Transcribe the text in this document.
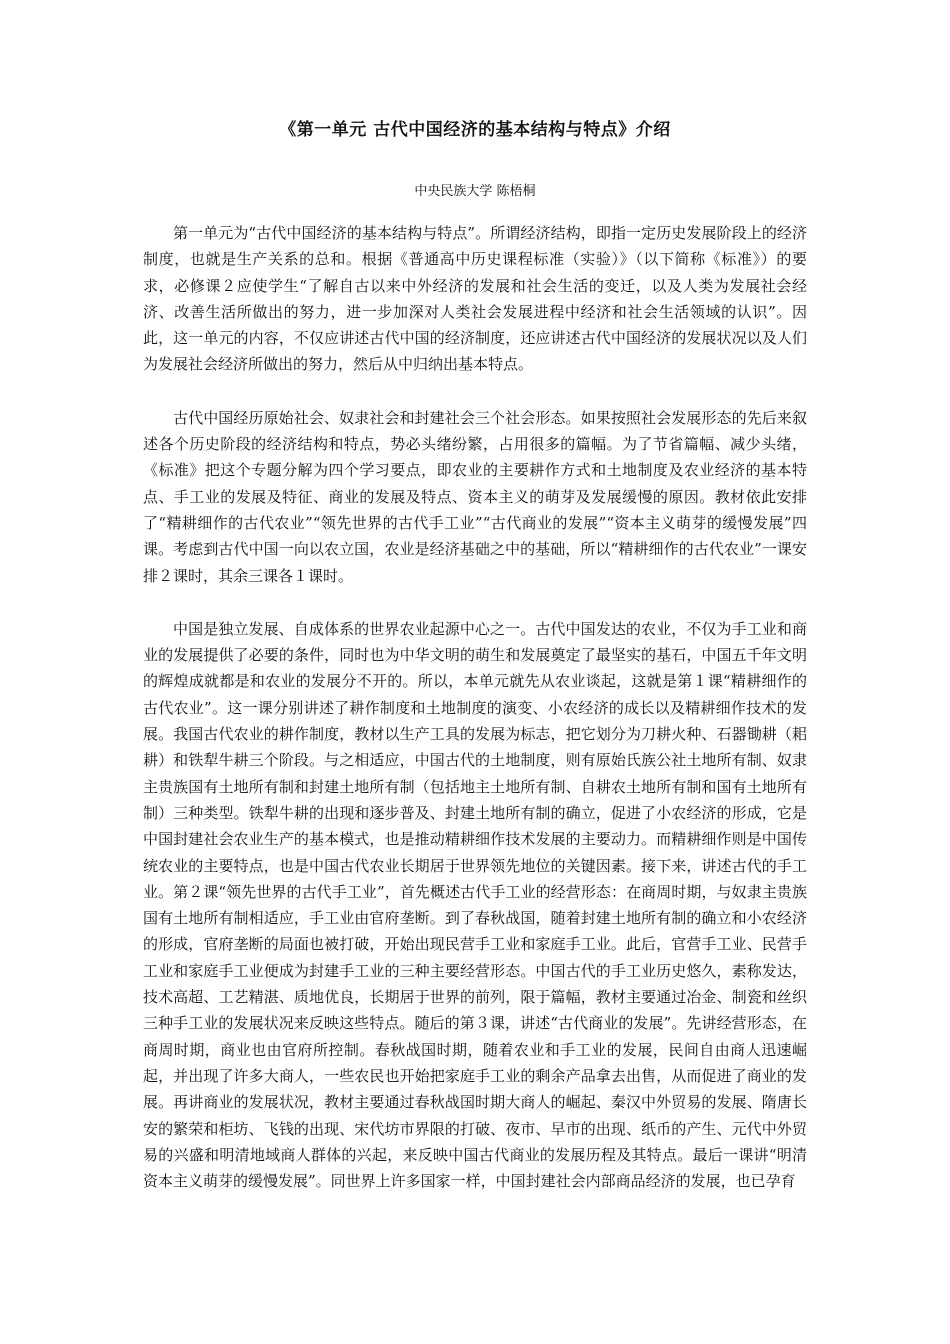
《第一单元 古代中国经济的基本结构与特点》介绍
中央民族大学 陈梧桐

第一单元为“古代中国经济的基本结构与特点”。所谓经济结构，即指一定历史发展阶段上的经济制度，也就是生产关系的总和。根据《普通高中历史课程标准（实验）》（以下简称《标准》）的要求，必修课２应使学生“了解自古以来中外经济的发展和社会生活的变迁，以及人类为发展社会经济、改善生活所做出的努力，进一步加深对人类社会发展进程中经济和社会生活领域的认识”。因此，这一单元的内容，不仅应讲述古代中国的经济制度，还应讲述古代中国经济的发展状况以及人们为发展社会经济所做出的努力，然后从中归纳出基本特点。

古代中国经历原始社会、奴隶社会和封建社会三个社会形态。如果按照社会发展形态的先后来叙述各个历史阶段的经济结构和特点，势必头绪纷繁，占用很多的篇幅。为了节省篇幅、减少头绪，《标准》把这个专题分解为四个学习要点，即农业的主要耕作方式和土地制度及农业经济的基本特点、手工业的发展及特征、商业的发展及特点、资本主义的萌芽及发展缓慢的原因。教材依此安排了“精耕细作的古代农业”“领先世界的古代手工业”“古代商业的发展”“资本主义萌芽的缓慢发展”四课。考虑到古代中国一向以农立国，农业是经济基础之中的基础，所以“精耕细作的古代农业”一课安排２课时，其余三课各１课时。

中国是独立发展、自成体系的世界农业起源中心之一。古代中国发达的农业，不仅为手工业和商业的发展提供了必要的条件，同时也为中华文明的萌生和发展奠定了最坚实的基石，中国五千年文明的辉煌成就都是和农业的发展分不开的。所以，本单元就先从农业谈起，这就是第１课“精耕细作的古代农业”。这一课分别讲述了耕作制度和土地制度的演变、小农经济的成长以及精耕细作技术的发展。我国古代农业的耕作制度，教材以生产工具的发展为标志，把它划分为刀耕火种、石器锄耕（耜耕）和铁犁牛耕三个阶段。与之相适应，中国古代的土地制度，则有原始氏族公社土地所有制、奴隶主贵族国有土地所有制和封建土地所有制（包括地主土地所有制、自耕农土地所有制和国有土地所有制）三种类型。铁犁牛耕的出现和逐步普及、封建土地所有制的确立，促进了小农经济的形成，它是中国封建社会农业生产的基本模式，也是推动精耕细作技术发展的主要动力。而精耕细作则是中国传统农业的主要特点，也是中国古代农业长期居于世界领先地位的关键因素。接下来，讲述古代的手工业。第２课“领先世界的古代手工业”，首先概述古代手工业的经营形态：在商周时期，与奴隶主贵族国有土地所有制相适应，手工业由官府垄断。到了春秋战国，随着封建土地所有制的确立和小农经济的形成，官府垄断的局面也被打破，开始出现民营手工业和家庭手工业。此后，官营手工业、民营手工业和家庭手工业便成为封建手工业的三种主要经营形态。中国古代的手工业历史悠久，素称发达，技术高超、工艺精湛、质地优良，长期居于世界的前列，限于篇幅，教材主要通过冶金、制瓷和丝织三种手工业的发展状况来反映这些特点。随后的第３课，讲述“古代商业的发展”。先讲经营形态，在商周时期，商业也由官府所控制。春秋战国时期，随着农业和手工业的发展，民间自由商人迅速崛起，并出现了许多大商人，一些农民也开始把家庭手工业的剩余产品拿去出售，从而促进了商业的发展。再讲商业的发展状况，教材主要通过春秋战国时期大商人的崛起、秦汉中外贸易的发展、隋唐长安的繁荣和柜坊、飞钱的出现、宋代坊市界限的打破、夜市、早市的出现、纸币的产生、元代中外贸易的兴盛和明清地域商人群体的兴起，来反映中国古代商业的发展历程及其特点。最后一课讲“明清资本主义萌芽的缓慢发展”。同世界上许多国家一样，中国封建社会内部商品经济的发展，也已孕育
